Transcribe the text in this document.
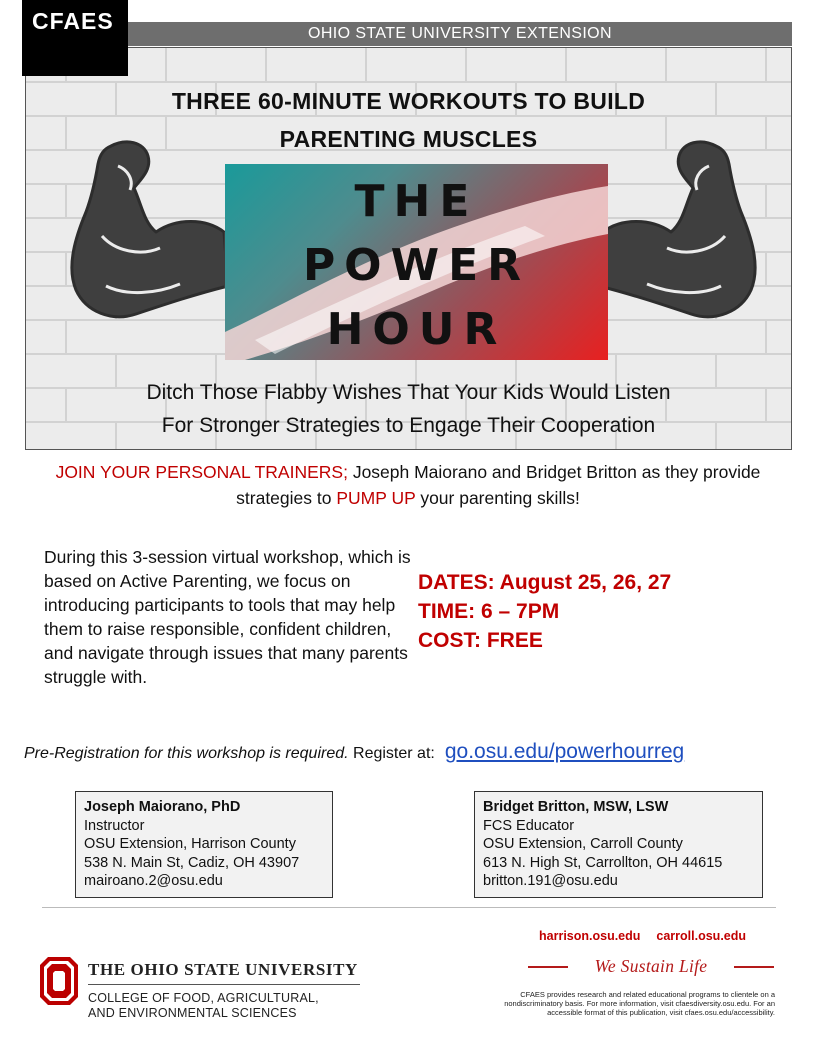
CFAES	OHIO STATE UNIVERSITY EXTENSION
THREE 60-MINUTE WORKOUTS TO BUILD
PARENTING MUSCLES
THE
POWER
HOUR
Ditch Those Flabby Wishes That Your Kids Would Listen
For Stronger Strategies to Engage Their Cooperation
JOIN YOUR PERSONAL TRAINERS; Joseph Maiorano and Bridget Britton as they provide strategies to PUMP UP your parenting skills!
During this 3-session virtual workshop, which is based on Active Parenting, we focus on introducing participants to tools that may help them to raise responsible, confident children, and navigate through issues that many parents struggle with.
DATES: August 25, 26, 27
TIME: 6 – 7PM
COST: FREE
Pre-Registration for this workshop is required. Register at: go.osu.edu/powerhourreg
Joseph Maiorano, PhD
Instructor
OSU Extension, Harrison County
538 N. Main St, Cadiz, OH 43907
mairoano.2@osu.edu
Bridget Britton, MSW, LSW
FCS Educator
OSU Extension, Carroll County
613 N. High St, Carrollton, OH 44615
britton.191@osu.edu
THE OHIO STATE UNIVERSITY
COLLEGE OF FOOD, AGRICULTURAL,
AND ENVIRONMENTAL SCIENCES
harrison.osu.edu carroll.osu.edu
We Sustain Life
CFAES provides research and related educational programs to clientele on a nondiscriminatory basis. For more information, visit cfaesdiversity.osu.edu. For an accessible format of this publication, visit cfaes.osu.edu/accessibility.
